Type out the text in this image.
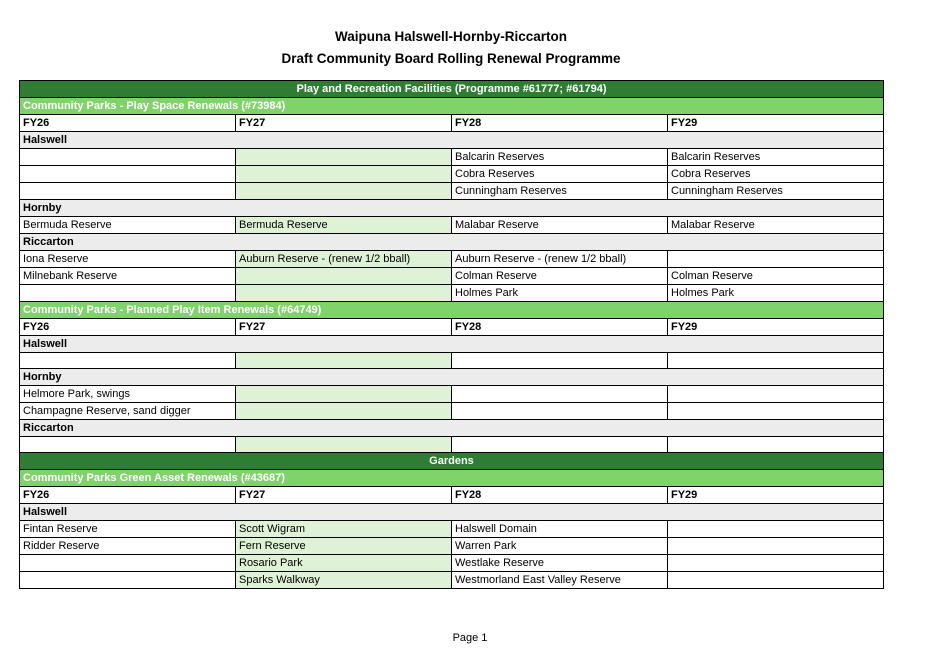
Waipuna Halswell-Hornby-Riccarton
Draft Community Board Rolling Renewal Programme
Play and Recreation Facilities (Programme #61777; #61794)			
Community Parks - Play Space Renewals (#73984)			
FY26	FY27	FY28	FY29
Halswell			
		Balcarin Reserves	Balcarin Reserves
		Cobra Reserves	Cobra Reserves
		Cunningham Reserves	Cunningham Reserves
Hornby			
Bermuda Reserve	Bermuda Reserve	Malabar Reserve	Malabar Reserve
Riccarton			
Iona Reserve	Auburn Reserve - (renew 1/2 bball)	Auburn Reserve - (renew 1/2 bball)	
Milnebank Reserve		Colman Reserve	Colman Reserve
		Holmes Park	Holmes Park
Community Parks - Planned Play Item Renewals (#64749)			
FY26	FY27	FY28	FY29
Halswell			

Hornby			
Helmore Park, swings			
Champagne Reserve, sand digger			
Riccarton			

Gardens			
Community Parks Green Asset Renewals (#43687)			
FY26	FY27	FY28	FY29
Halswell			
Fintan Reserve	Scott Wigram	Halswell Domain	
Ridder Reserve	Fern Reserve	Warren Park	
	Rosario Park	Westlake Reserve	
	Sparks Walkway	Westmorland East Valley Reserve	
Page 1
